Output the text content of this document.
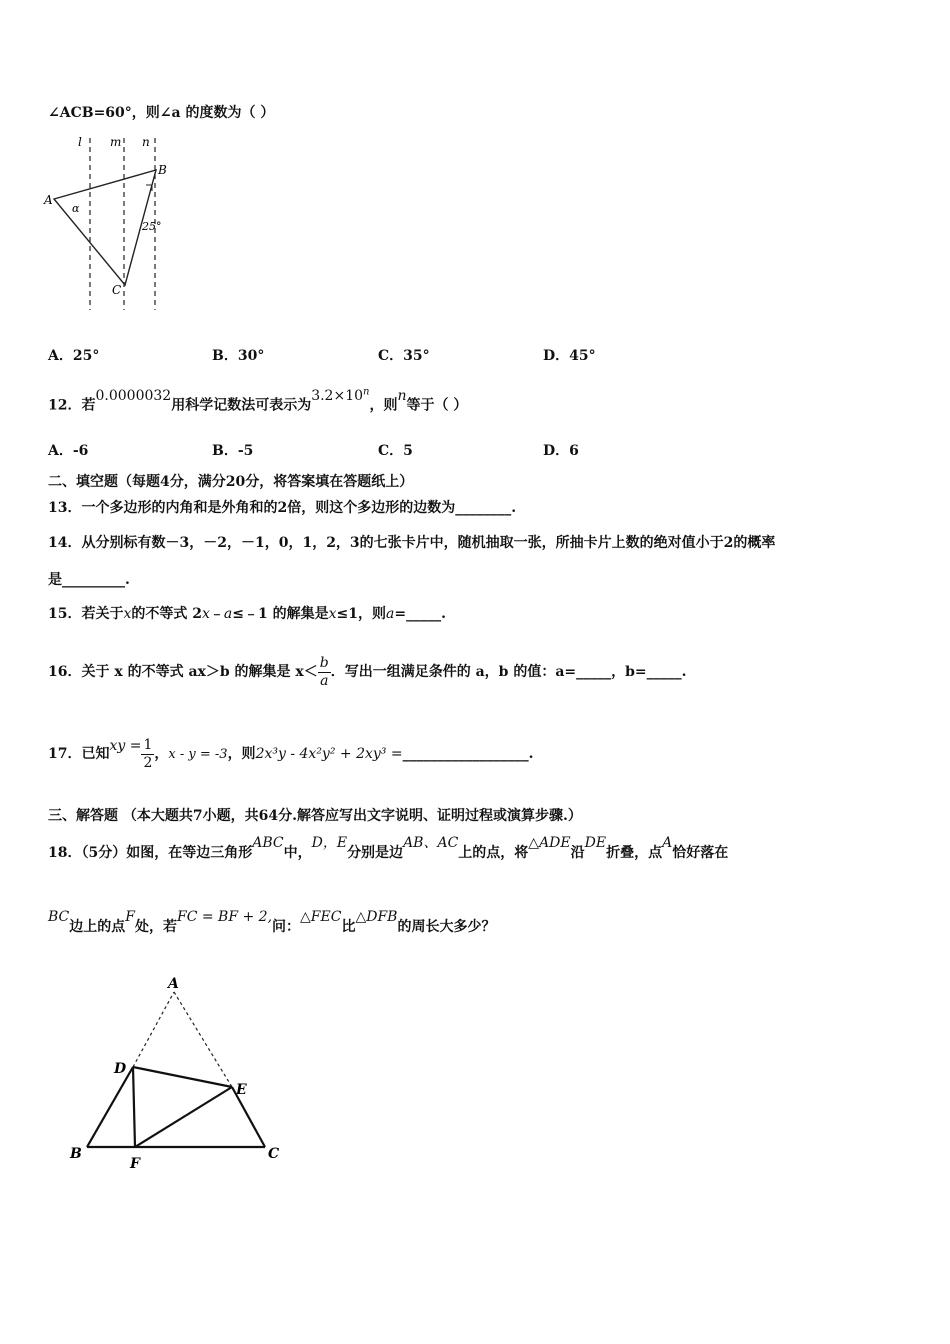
∠ACB=60°，则∠a 的度数为（ ）
l m n
A
B
C
α
25°
A．25°	B．30°	C．35°	D．45°
12．若0.0000032用科学记数法可表示为$3.2\times 10^n$，则n等于（ ）
A．-6	B．-5	C．5	D．6
二、填空题（每题4分，满分20分，将答案填在答题纸上）
13．一个多边形的内角和是外角和的2倍，则这个多边形的边数为________.
14．从分别标有数－3，－2，－1，0，1，2，3的七张卡片中，随机抽取一张，所抽卡片上数的绝对值小于2的概率
是_________.
15．若关于x的不等式 2x﹣a≤﹣1 的解集是x≤1，则a=_____.
16．关于 x 的不等式 ax＞b 的解集是 $x< \frac{b}{a}$ ．写出一组满足条件的 a，b 的值：a=_____，b=_____.
17．已知xy = $\frac{1}{2}$ ，x - y = -3，则2x³y - 4x²y² + 2xy³ =__________________.
三、解答题 （本大题共7小题，共64分.解答应写出文字说明、证明过程或演算步骤.）
18．（5分）如图，在等边三角形ABC中，D，E分别是边AB、AC上的点，将△ADE沿DE折叠，点A恰好落在
BC边上的点F处，若FC = BF + 2,问：△FEC比△DFB的周长大多少？
A
D
E
B
F
C
